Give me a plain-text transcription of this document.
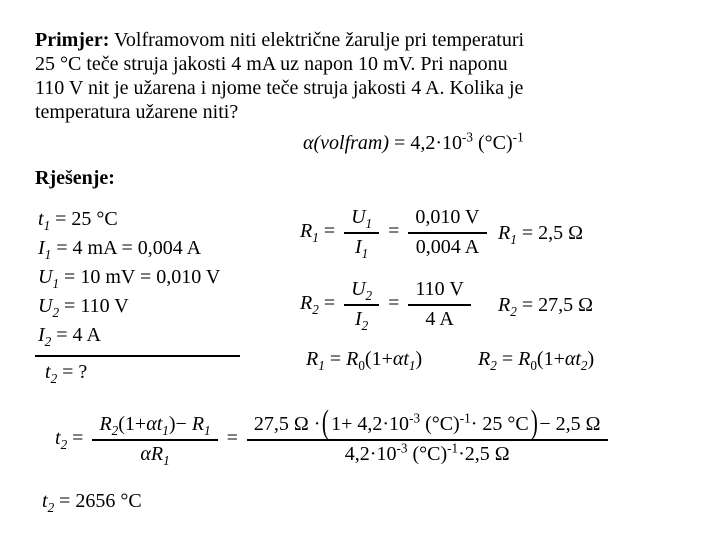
Primjer: Volframovom niti električne žarulje pri temperaturi
25 °C teče struja jakosti 4 mA uz napon 10 mV. Pri naponu
110 V nit je užarena i njome teče struja jakosti 4 A. Kolika je
temperatura užarene niti?
α(volfram) = $4,2\cdot 10^{-3}$ $(^\circ C)^{-1}$
Rješenje:
$t_1 = 25$ °C
$I_1 = 4$ mA = 0,004 A
$U_1 = 10$ mV = 0,010 V
$U_2 = 110$ V
$I_2 = 4$ A
$t_2$ = ?
$R_1 = \frac{U_1}{I_1} = \frac{0,010 V}{0,004 A} R_1 = 2,5$ Ω
$R_2 = \frac{U_2}{I_2} = \frac{110 V}{4 A} R_2 = 27,5$ Ω
$R_1 = R_0(1+\alpha t_1)$	$R_2 = R_0(1+\alpha t_2)$
$t_2 = \frac{R_2(1+\alpha t_1)- R_1}{\alpha R_1} = \frac{27,5 \Omega \cdot(1+ 4,2\cdot 10^{-3} (^\circ C)^{-1}\cdot 25 ^\circ C)- 2,5 \Omega}{4,2\cdot 10^{-3} (^\circ C)^{-1}\cdot 2,5 \Omega}$
$t_2 = 2656$ °C
